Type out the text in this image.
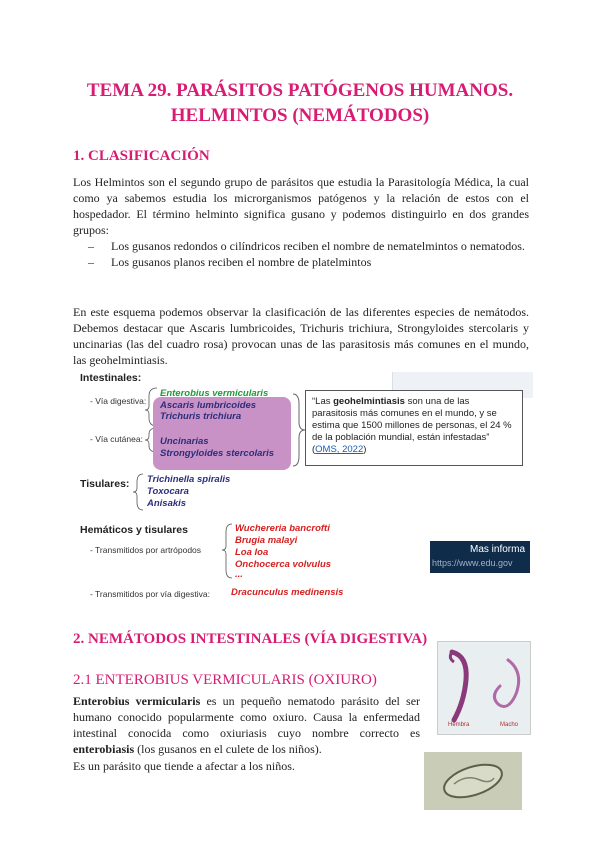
TEMA 29. PARÁSITOS PATÓGENOS HUMANOS.
HELMINTOS (NEMÁTODOS)
1. CLASIFICACIÓN
Los Helmintos son el segundo grupo de parásitos que estudia la Parasitología Médica, la cual como ya sabemos estudia los microrganismos patógenos y la relación de estos con el hospedador. El término helminto significa gusano y podemos distinguirlo en dos grandes grupos:
– Los gusanos redondos o cilíndricos reciben el nombre de nematelmintos o nematodos.
– Los gusanos planos reciben el nombre de platelmintos
En este esquema podemos observar la clasificación de las diferentes especies de nemátodos. Debemos destacar que Ascaris lumbricoides, Trichuris trichiura, Strongyloides stercolaris y uncinarias (las del cuadro rosa) provocan unas de las parasitosis más comunes en el mundo, las geohelmintiasis.
Intestinales:
- Vía digestiva:
- Vía cutánea:
Enterobius vermicularis
Ascaris lumbricoides
Trichuris trichiura
Uncinarias
Strongyloides stercolaris
“Las geohelmintiasis son una de las parasitosis más comunes en el mundo, y se estima que 1500 millones de personas, el 24 % de la población mundial, están infestadas” (OMS, 2022)
Tisulares: Trichinella spiralis
Toxocara
Anisakis
Hemáticos y tisulares
- Transmitidos por artrópodos
Wuchereria bancrofti
Brugia malayi
Loa loa
Onchocerca volvulus
...
- Transmitidos por vía digestiva: Dracunculus medinensis
Mas informa
https://www.edu.gov
2. NEMÁTODOS INTESTINALES (VÍA DIGESTIVA)
2.1 ENTEROBIUS VERMICULARIS (OXIURO)
Enterobius vermicularis es un pequeño nematodo parásito del ser humano conocido popularmente como oxiuro. Causa la enfermedad intestinal conocida como oxiuriasis cuyo nombre correcto es enterobiasis (los gusanos en el culete de los niños).
Es un parásito que tiende a afectar a los niños.
Hembra	Macho
